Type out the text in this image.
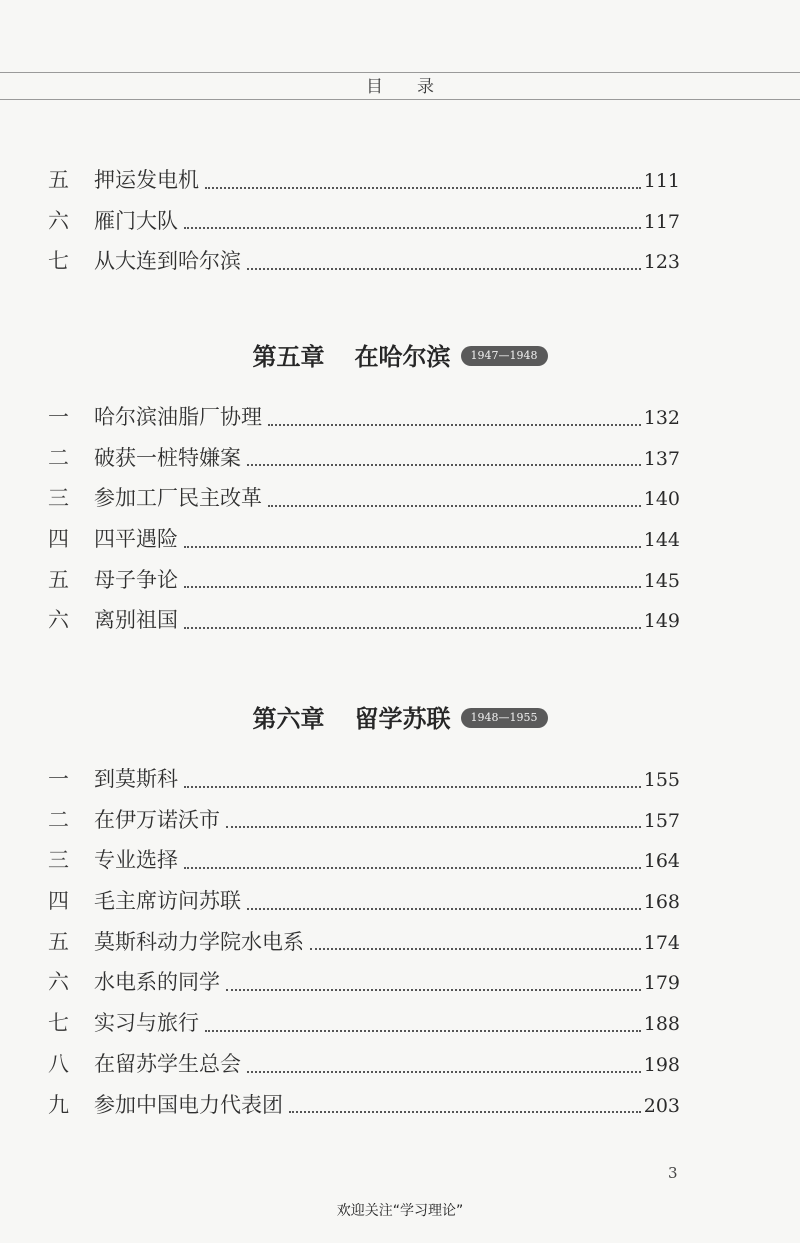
目录
五	押运发电机	111
六	雁门大队	117
七	从大连到哈尔滨	123
第五章 在哈尔滨	1947—1948
一	哈尔滨油脂厂协理	132
二	破获一桩特嫌案	137
三	参加工厂民主改革	140
四	四平遇险	144
五	母子争论	145
六	离别祖国	149
第六章 留学苏联	1948—1955
一	到莫斯科	155
二	在伊万诺沃市	157
三	专业选择	164
四	毛主席访问苏联	168
五	莫斯科动力学院水电系	174
六	水电系的同学	179
七	实习与旅行	188
八	在留苏学生总会	198
九	参加中国电力代表团	203
3
欢迎关注“学习理论”
